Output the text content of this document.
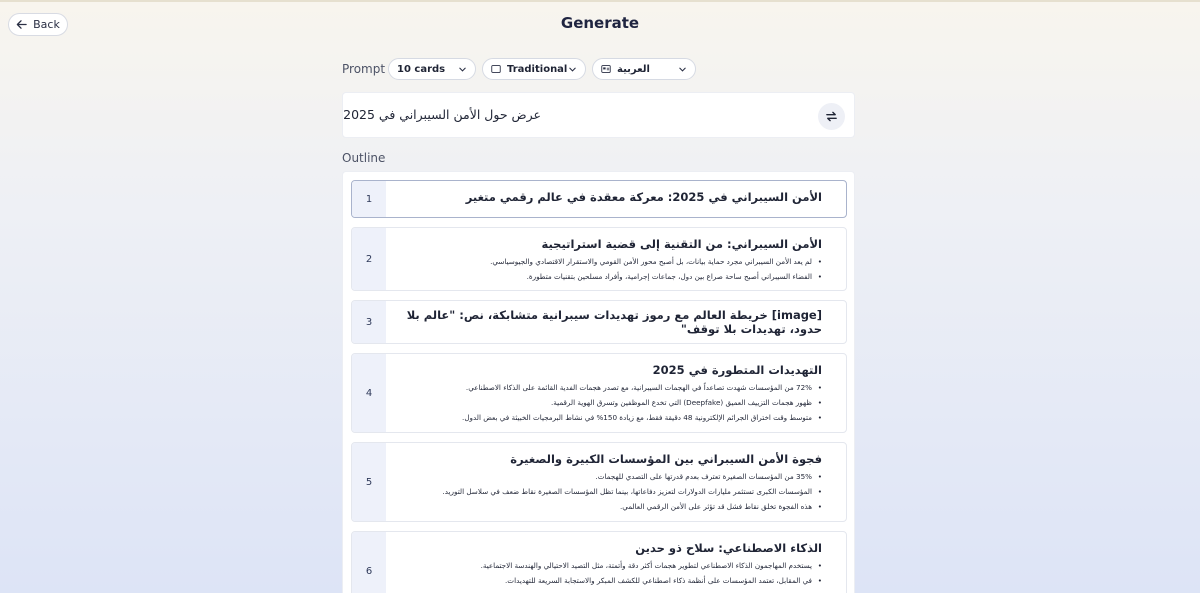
Back	Generate
Prompt 10 cards	Traditional	العربية
عرض حول الأمن السيبراني في 2025
Outline
1	الأمن السيبراني في 2025: معركة معقدة في عالم رقمي متغير
2
الأمن السيبراني: من التقنية إلى قضية استراتيجية
• لم يعد الأمن السيبراني مجرد حماية بيانات، بل أصبح محور الأمن القومي والاستقرار الاقتصادي والجيوسياسي.
• الفضاء السيبراني أصبح ساحة صراع بين دول، جماعات إجرامية، وأفراد مسلحين بتقنيات متطورة.
3	[image] خريطة العالم مع رموز تهديدات سيبرانية متشابكة، نص: "عالم بلا حدود، تهديدات بلا توقف"
4
التهديدات المتطورة في 2025
• 72% من المؤسسات شهدت تصاعداً في الهجمات السيبرانية، مع تصدر هجمات الفدية القائمة على الذكاء الاصطناعي.
• ظهور هجمات التزييف العميق (Deepfake) التي تخدع الموظفين وتسرق الهوية الرقمية.
• متوسط وقت اختراق الجرائم الإلكترونية 48 دقيقة فقط، مع زيادة 150% في نشاط البرمجيات الخبيثة في بعض الدول.
5
فجوة الأمن السيبراني بين المؤسسات الكبيرة والصغيرة
• 35% من المؤسسات الصغيرة تعترف بعدم قدرتها على التصدي للهجمات.
• المؤسسات الكبرى تستثمر مليارات الدولارات لتعزيز دفاعاتها، بينما تظل المؤسسات الصغيرة نقاط ضعف في سلاسل التوريد.
• هذه الفجوة تخلق نقاط فشل قد تؤثر على الأمن الرقمي العالمي.
6
الذكاء الاصطناعي: سلاح ذو حدين
• يستخدم المهاجمون الذكاء الاصطناعي لتطوير هجمات أكثر دقة وأتمتة، مثل التصيد الاحتيالي والهندسة الاجتماعية.
• في المقابل، تعتمد المؤسسات على أنظمة ذكاء اصطناعي للكشف المبكر والاستجابة السريعة للتهديدات.
